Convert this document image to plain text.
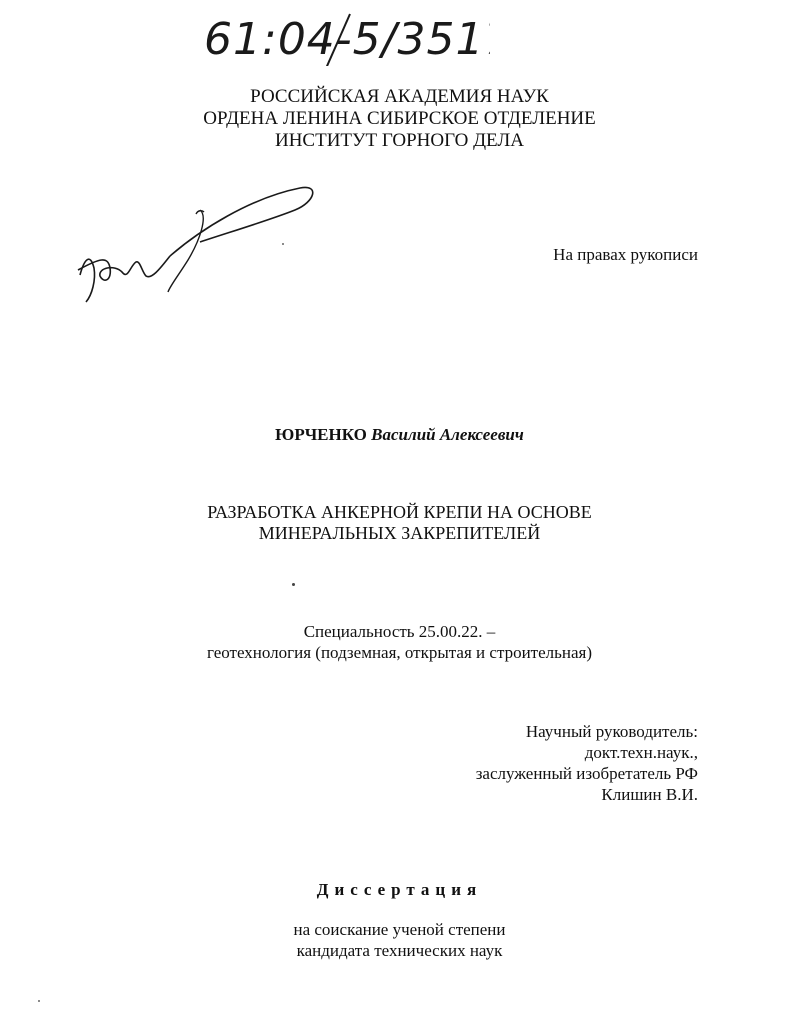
61:04-5/3517
РОССИЙСКАЯ АКАДЕМИЯ НАУК
ОРДЕНА ЛЕНИНА СИБИРСКОЕ ОТДЕЛЕНИЕ
ИНСТИТУТ ГОРНОГО ДЕЛА
На правах рукописи
ЮРЧЕНКО Василий Алексеевич
РАЗРАБОТКА АНКЕРНОЙ КРЕПИ НА ОСНОВЕ
МИНЕРАЛЬНЫХ ЗАКРЕПИТЕЛЕЙ
Специальность 25.00.22. –
геотехнология (подземная, открытая и строительная)
Научный руководитель:
докт.техн.наук.,
заслуженный изобретатель РФ
Клишин В.И.
Диссертация
на соискание ученой степени
кандидата технических наук
